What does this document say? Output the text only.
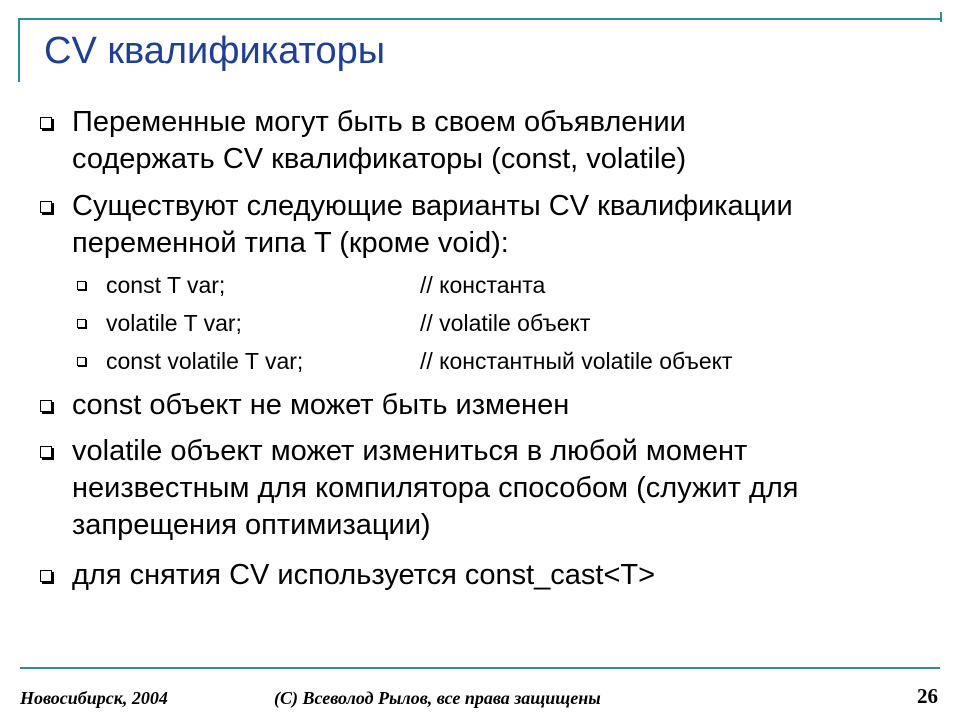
CV квалификаторы
Переменные могут быть в своем объявлении
содержать CV квалификаторы (const, volatile)
Существуют следующие варианты CV квалификации
переменной типа T (кроме void):
const T var;	// константа
volatile T var;	// volatile объект
const volatile T var;	// константный volatile объект
const объект не может быть изменен
volatile объект может измениться в любой момент
неизвестным для компилятора способом (служит для
запрещения оптимизации)
для снятия CV используется const_cast<T>
Новосибирск, 2004	(С) Всеволод Рылов, все права защищены	26
